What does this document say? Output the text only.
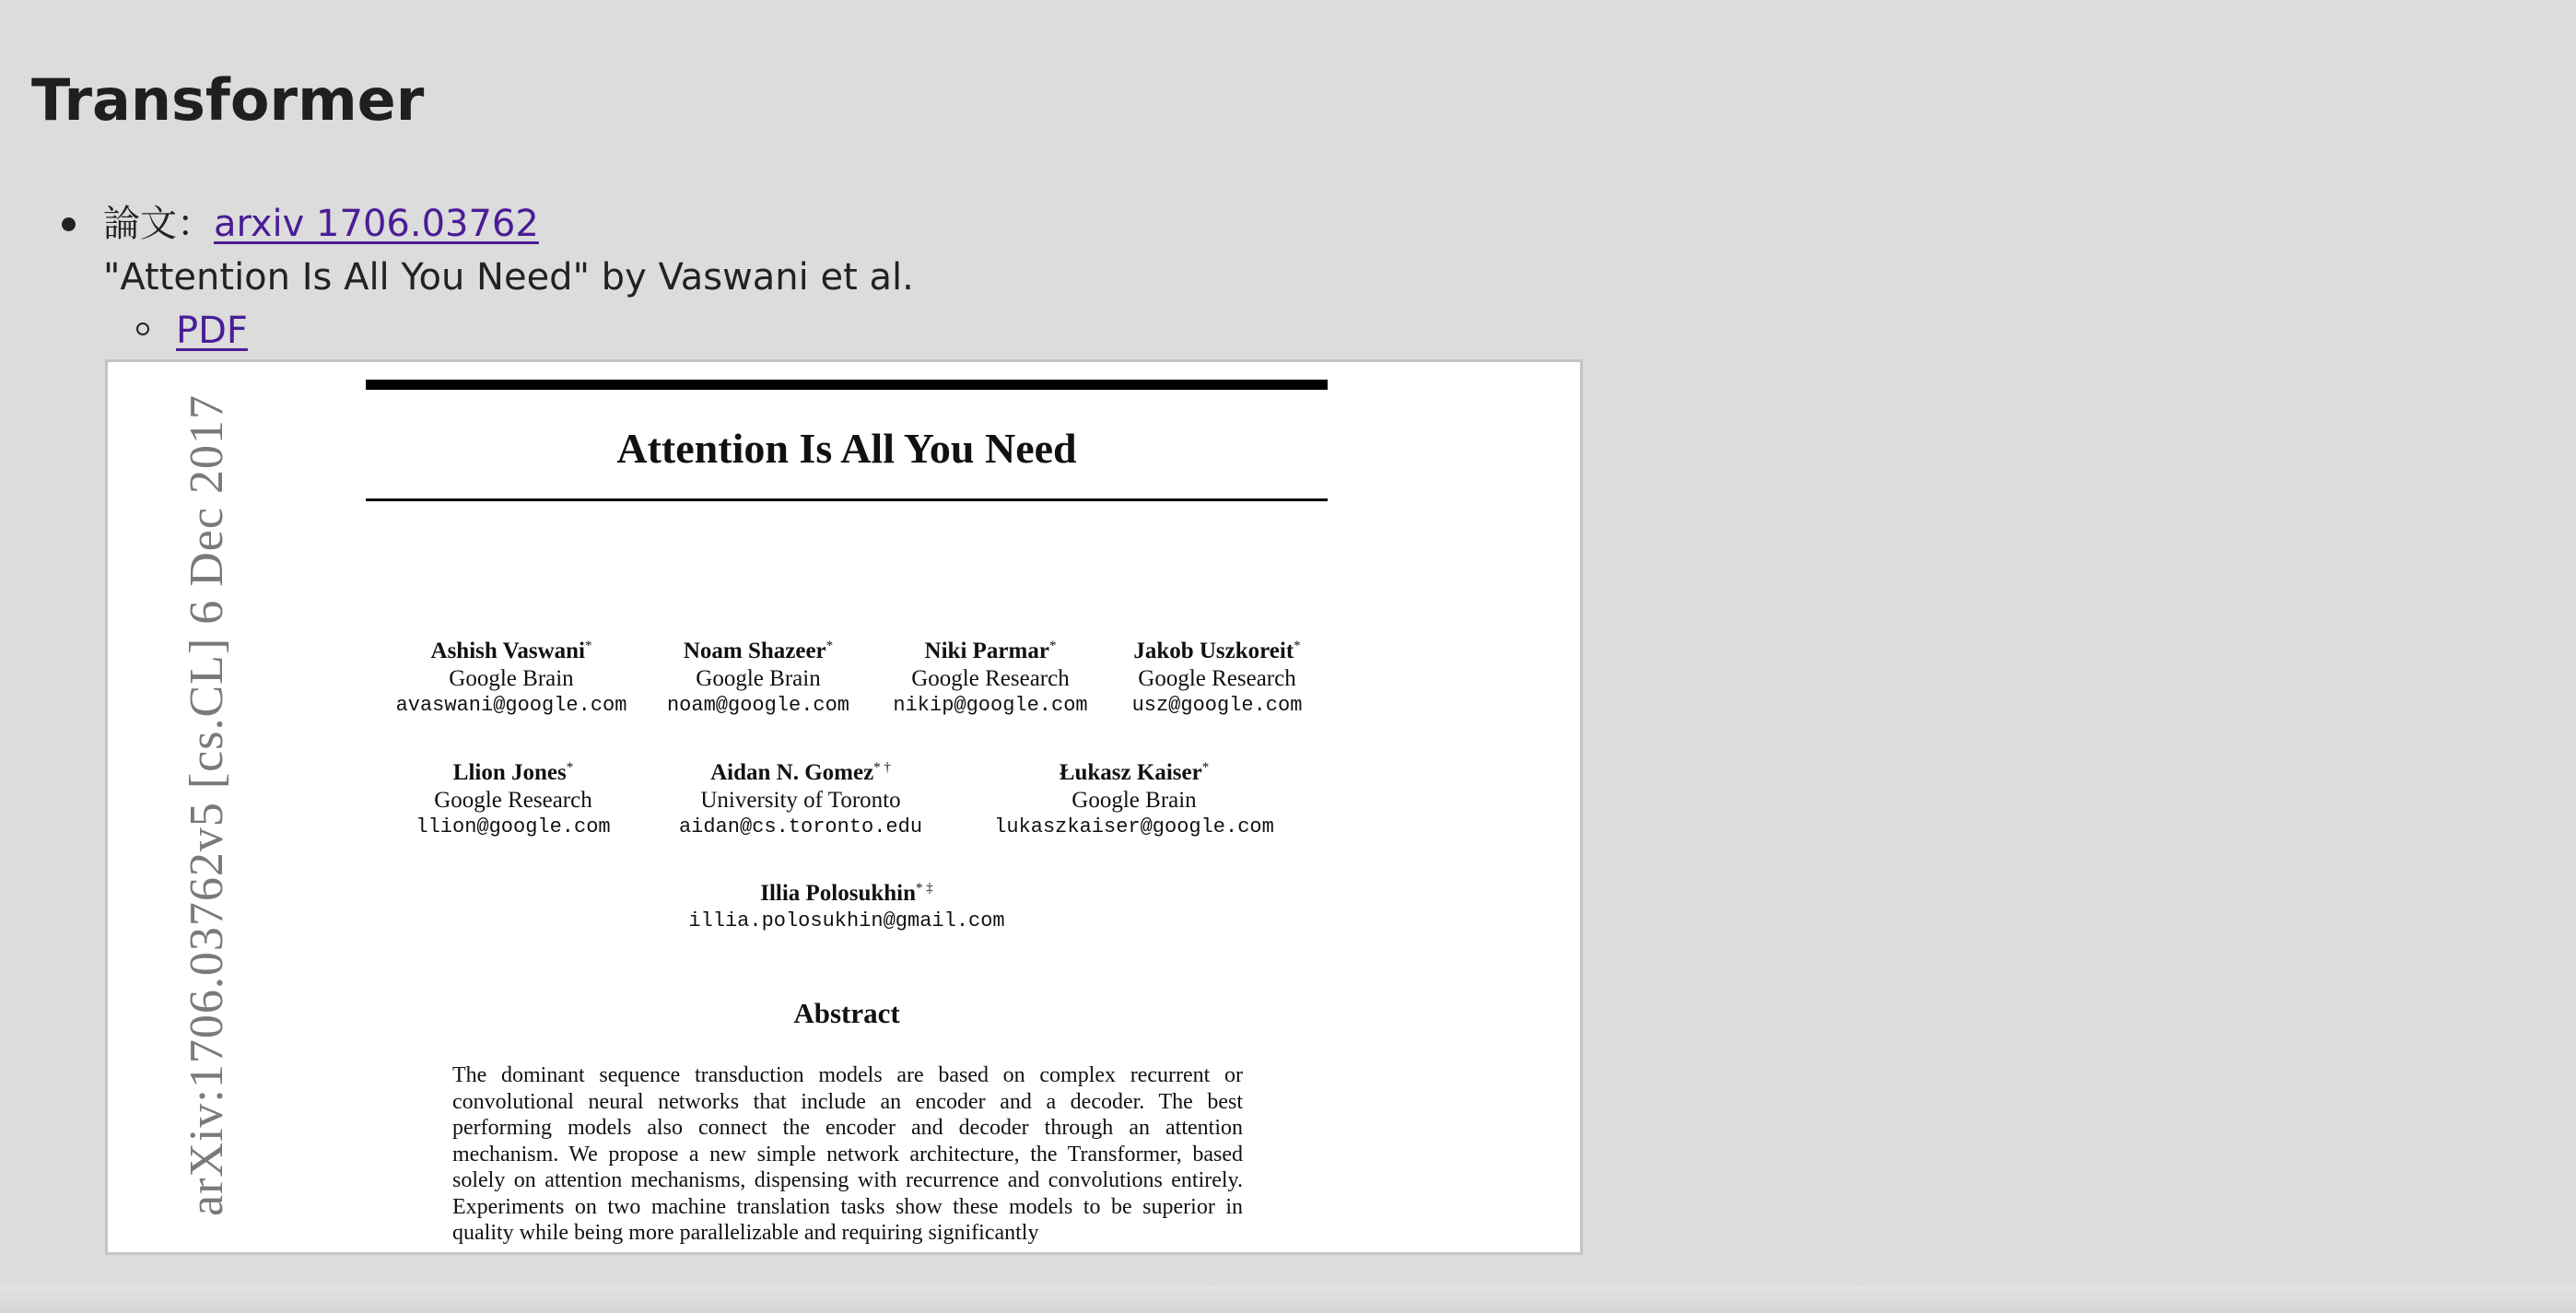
Transformer
論文：arxiv 1706.03762
"Attention Is All You Need" by Vaswani et al.
PDF
Attention Is All You Need
Ashish Vaswani*
Google Brain
avaswani@google.com
Noam Shazeer*
Google Brain
noam@google.com
Niki Parmar*
Google Research
nikip@google.com
Jakob Uszkoreit*
Google Research
usz@google.com
Llion Jones*
Google Research
llion@google.com
Aidan N. Gomez* †
University of Toronto
aidan@cs.toronto.edu
Łukasz Kaiser*
Google Brain
lukaszkaiser@google.com
Illia Polosukhin* ‡
illia.polosukhin@gmail.com
Abstract

The dominant sequence transduction models are based on complex recurrent or convolutional neural networks that include an encoder and a decoder. The best performing models also connect the encoder and decoder through an attention mechanism. We propose a new simple network architecture, the Transformer, based solely on attention mechanisms, dispensing with recurrence and convolutions entirely. Experiments on two machine translation tasks show these models to be superior in quality while being more parallelizable and requiring significantly

arXiv:1706.03762v5 [cs.CL] 6 Dec 2017
